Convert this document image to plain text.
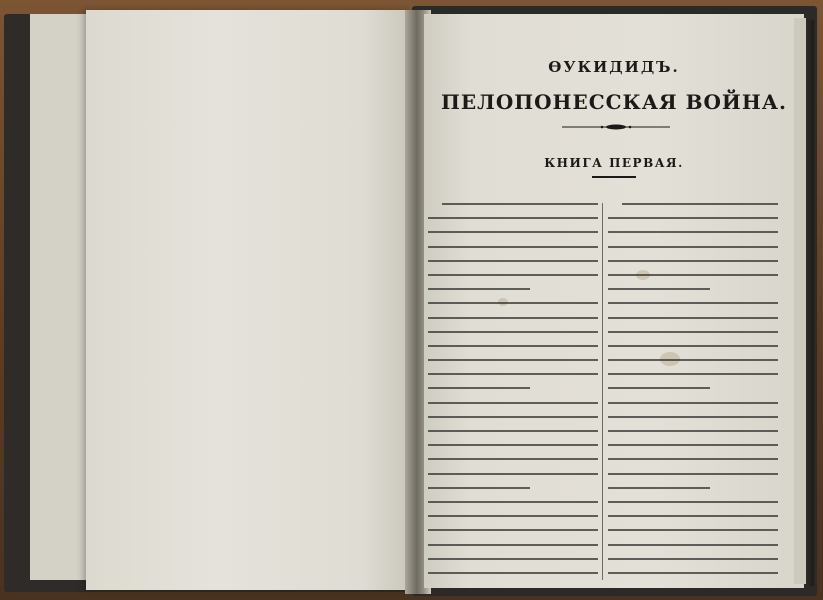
ѲУКИДИДЪ.
ПЕЛОПОНЕССКАЯ ВОЙНА.
КНИГА ПЕРВАЯ.
